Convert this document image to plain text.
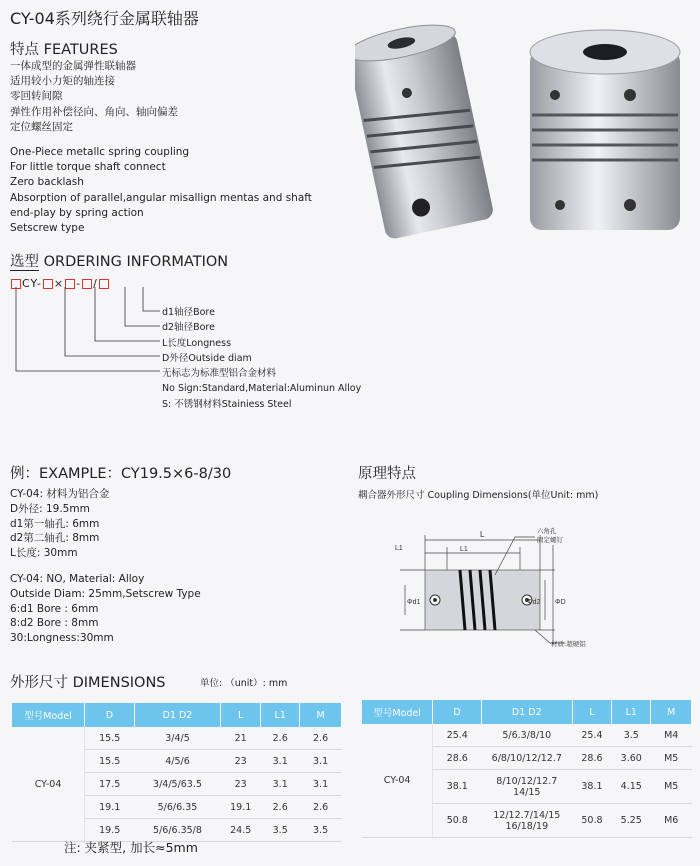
CY-04系列绕行金属联轴器
特点 FEATURES
一体成型的金属弹性联轴器
适用较小力矩的轴连接
零回转间隙
弹性作用补偿径向、角向、轴向偏差
定位螺丝固定
One-Piece metallc spring coupling
For little torque shaft connect
Zero backlash
Absorption of parallel,angular misallign mentas and shaft
end-play by spring action
Setscrew type
选型 ORDERING INFORMATION
CY- × - /
d1轴径Bore
d2轴径Bore
L长度Longness
D外径Outside diam
无标志为标准型铝合金材料
No Sign:Standard,Material:Aluminun Alloy
S: 不锈钢材料Stainiess Steel
例：EXAMPLE：CY19.5×6-8/30
CY-04: 材料为铝合金
D外径: 19.5mm
d1第一轴孔: 6mm
d2第二轴孔: 8mm
L长度: 30mm
CY-04: NO, Material: Alloy
Outside Diam: 25mm,Setscrew Type
6:d1 Bore : 6mm
8:d2 Bore : 8mm
30:Longness:30mm
原理特点
耦合器外形尺寸 Coupling Dimensions(单位Unit: mm)
L
L1	L1
Φd1	Φd2 ΦD
六角孔
固定螺钉
材质:超硬铝
外形尺寸 DIMENSIONS	单位: （unit）: mm
型号Model	D	D1 D2	L	L1	M
CY-04	15.5	3/4/5	21	2.6	2.6
	15.5	4/5/6	23	3.1	3.1
	17.5	3/4/5/63.5	23	3.1	3.1
	19.1	5/6/6.35	19.1	2.6	2.6
	19.5	5/6/6.35/8	24.5	3.5	3.5
型号Model	D	D1 D2	L	L1	M
CY-04	25.4	5/6.3/8/10	25.4	3.5	M4
	28.6	6/8/10/12/12.7	28.6	3.60	M5
	38.1	8/10/12/12.7
14/15	38.1	4.15	M5
	50.8	12/12.7/14/15
16/18/19	50.8	5.25	M6
注: 夹紧型, 加长≈5mm
